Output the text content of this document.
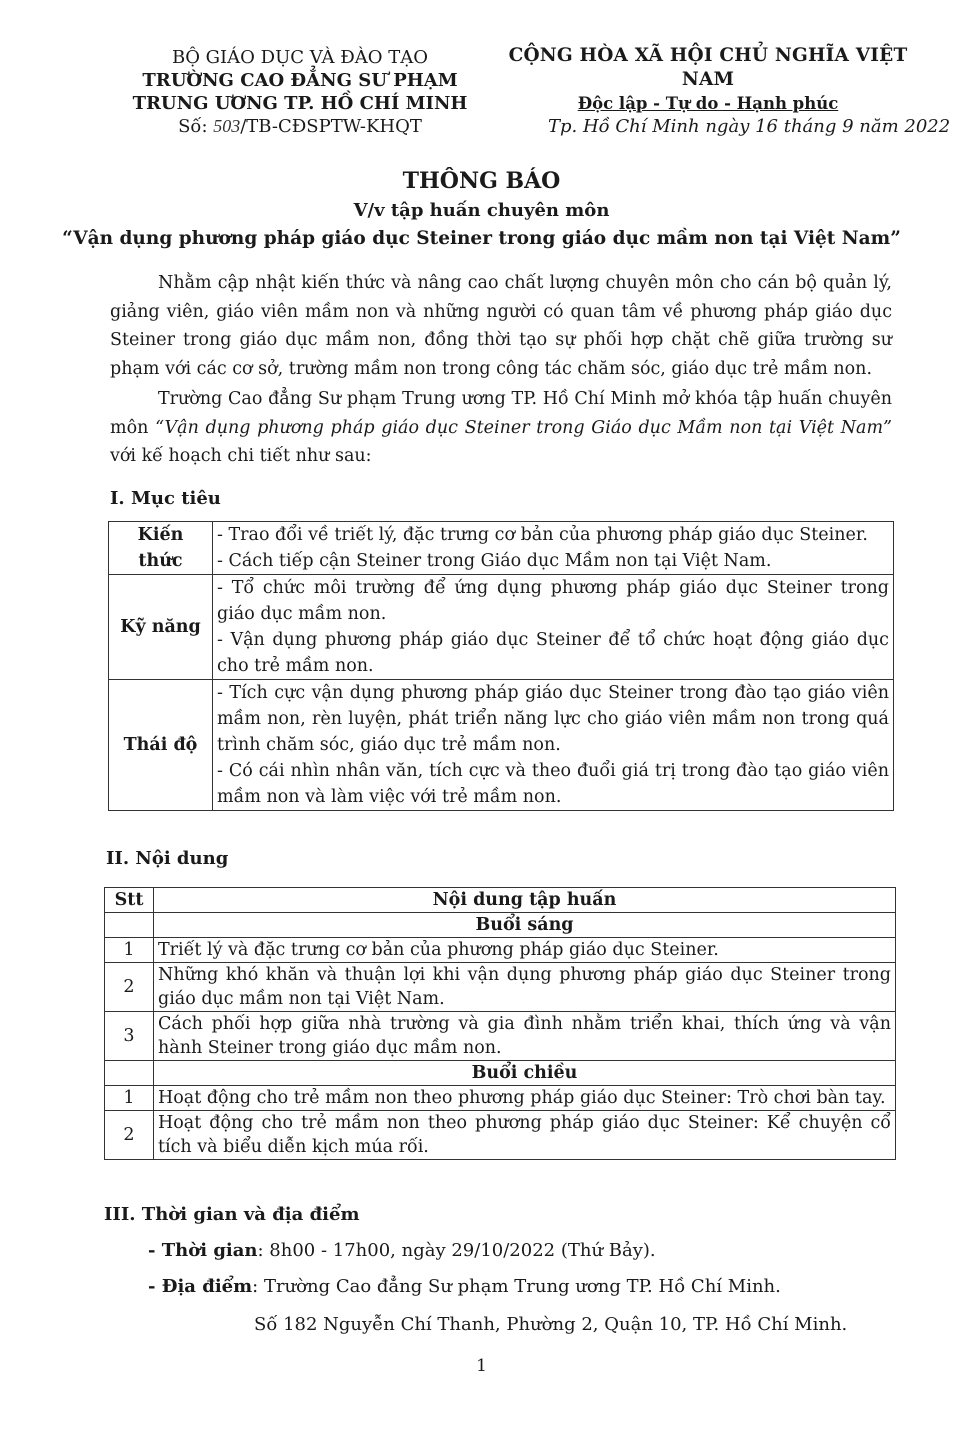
BỘ GIÁO DỤC VÀ ĐÀO TẠO
TRƯỜNG CAO ĐẲNG SƯ PHẠM
TRUNG ƯƠNG TP. HỒ CHÍ MINH
Số: 503/TB-CĐSPTW-KHQT
CỘNG HÒA XÃ HỘI CHỦ NGHĨA VIỆT NAM
Độc lập - Tự do - Hạnh phúc
Tp. Hồ Chí Minh ngày 16 tháng 9 năm 2022
THÔNG BÁO
V/v tập huấn chuyên môn
“Vận dụng phương pháp giáo dục Steiner trong giáo dục mầm non tại Việt Nam”
Nhằm cập nhật kiến thức và nâng cao chất lượng chuyên môn cho cán bộ quản lý, giảng viên, giáo viên mầm non và những người có quan tâm về phương pháp giáo dục Steiner trong giáo dục mầm non, đồng thời tạo sự phối hợp chặt chẽ giữa trường sư phạm với các cơ sở, trường mầm non trong công tác chăm sóc, giáo dục trẻ mầm non.
Trường Cao đẳng Sư phạm Trung ương TP. Hồ Chí Minh mở khóa tập huấn chuyên môn “Vận dụng phương pháp giáo dục Steiner trong Giáo dục Mầm non tại Việt Nam” với kế hoạch chi tiết như sau:
I. Mục tiêu
Kiến thức	- Trao đổi về triết lý, đặc trưng cơ bản của phương pháp giáo dục Steiner.
- Cách tiếp cận Steiner trong Giáo dục Mầm non tại Việt Nam.

Kỹ năng	- Tổ chức môi trường để ứng dụng phương pháp giáo dục Steiner trong giáo dục mầm non.
- Vận dụng phương pháp giáo dục Steiner để tổ chức hoạt động giáo dục cho trẻ mầm non.

Thái độ	- Tích cực vận dụng phương pháp giáo dục Steiner trong đào tạo giáo viên mầm non, rèn luyện, phát triển năng lực cho giáo viên mầm non trong quá trình chăm sóc, giáo dục trẻ mầm non.
- Có cái nhìn nhân văn, tích cực và theo đuổi giá trị trong đào tạo giáo viên mầm non và làm việc với trẻ mầm non.
II. Nội dung
Stt	Nội dung tập huấn
	Buổi sáng
1	Triết lý và đặc trưng cơ bản của phương pháp giáo dục Steiner.
2	Những khó khăn và thuận lợi khi vận dụng phương pháp giáo dục Steiner trong giáo dục mầm non tại Việt Nam.
3	Cách phối hợp giữa nhà trường và gia đình nhằm triển khai, thích ứng và vận hành Steiner trong giáo dục mầm non.
	Buổi chiều
1	Hoạt động cho trẻ mầm non theo phương pháp giáo dục Steiner: Trò chơi bàn tay.
2	Hoạt động cho trẻ mầm non theo phương pháp giáo dục Steiner: Kể chuyện cổ tích và biểu diễn kịch múa rối.
III. Thời gian và địa điểm
- Thời gian: 8h00 - 17h00, ngày 29/10/2022 (Thứ Bảy).
- Địa điểm: Trường Cao đẳng Sư phạm Trung ương TP. Hồ Chí Minh.
Số 182 Nguyễn Chí Thanh, Phường 2, Quận 10, TP. Hồ Chí Minh.
1
